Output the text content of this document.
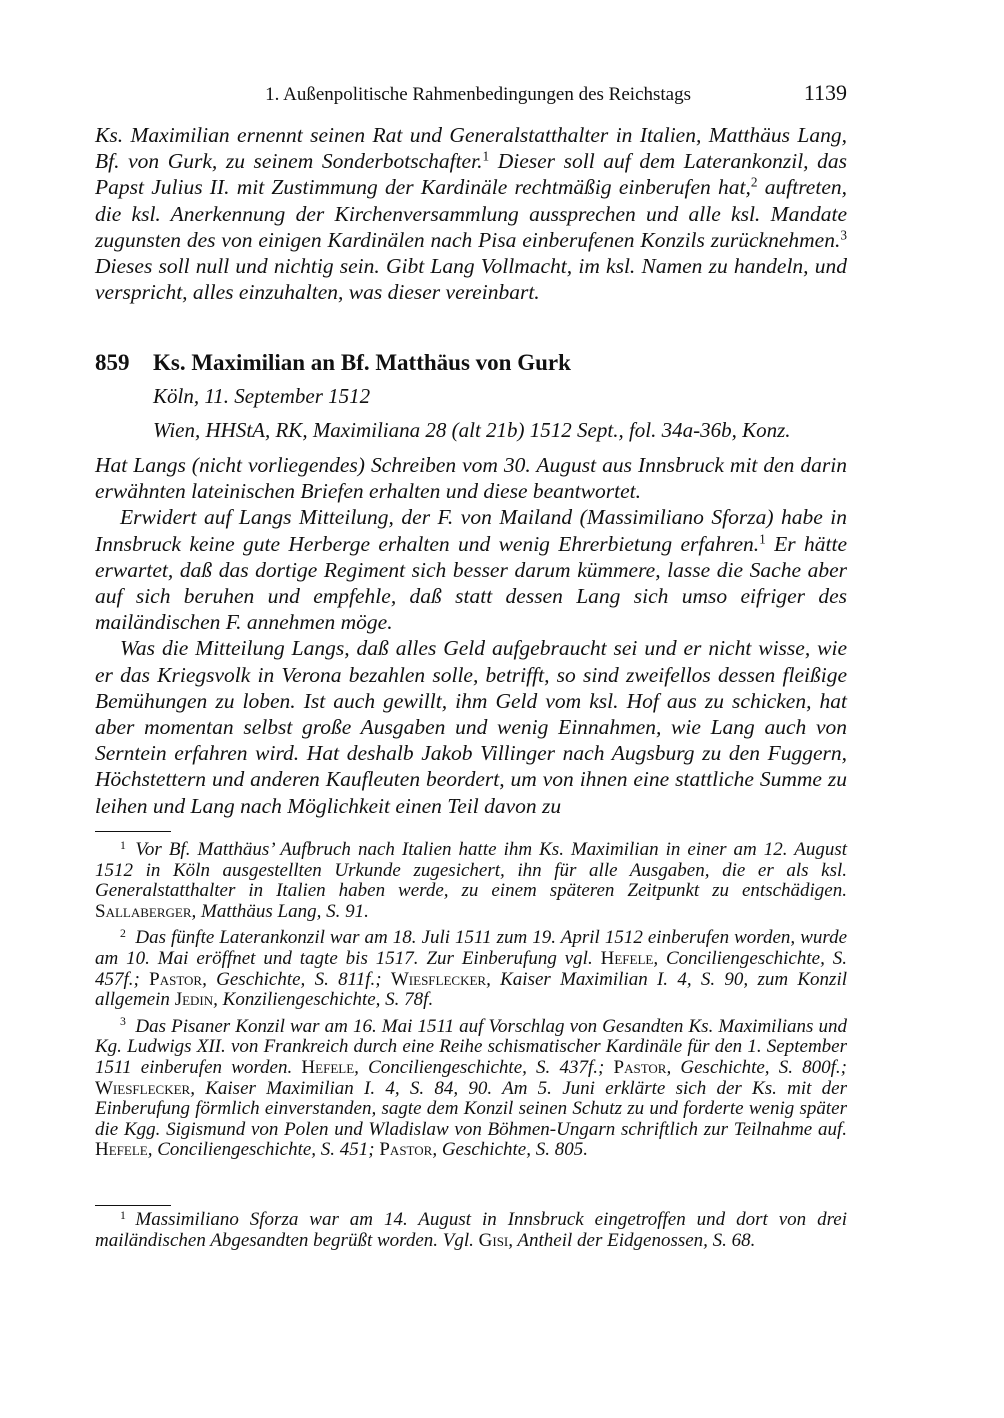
1. Außenpolitische Rahmenbedingungen des Reichstags	1139
Ks. Maximilian ernennt seinen Rat und Generalstatthalter in Italien, Matthäus Lang, Bf. von Gurk, zu seinem Sonderbotschafter.$^1$ Dieser soll auf dem Laterankonzil, das Papst Julius II. mit Zustimmung der Kardinäle rechtmäßig einberufen hat,$^2$ auftreten, die ksl. Anerkennung der Kirchenversammlung aussprechen und alle ksl. Mandate zugunsten des von einigen Kardinälen nach Pisa einberufenen Konzils zurücknehmen.$^3$ Dieses soll null und nichtig sein. Gibt Lang Vollmacht, im ksl. Namen zu handeln, und verspricht, alles einzuhalten, was dieser vereinbart.
859 Ks. Maximilian an Bf. Matthäus von Gurk
Köln, 11. September 1512
Wien, HHStA, RK, Maximiliana 28 (alt 21b) 1512 Sept., fol. 34a-36b, Konz.
Hat Langs (nicht vorliegendes) Schreiben vom 30. August aus Innsbruck mit den darin erwähnten lateinischen Briefen erhalten und diese beantwortet.
Erwidert auf Langs Mitteilung, der F. von Mailand (Massimiliano Sforza) habe in Innsbruck keine gute Herberge erhalten und wenig Ehrerbietung erfahren.$^1$ Er hätte erwartet, daß das dortige Regiment sich besser darum kümmere, lasse die Sache aber auf sich beruhen und empfehle, daß statt dessen Lang sich umso eifriger des mailändischen F. annehmen möge.
Was die Mitteilung Langs, daß alles Geld aufgebraucht sei und er nicht wisse, wie er das Kriegsvolk in Verona bezahlen solle, betrifft, so sind zweifellos dessen fleißige Bemühungen zu loben. Ist auch gewillt, ihm Geld vom ksl. Hof aus zu schicken, hat aber momentan selbst große Ausgaben und wenig Einnahmen, wie Lang auch von Serntein erfahren wird. Hat deshalb Jakob Villinger nach Augsburg zu den Fuggern, Höchstettern und anderen Kaufleuten beordert, um von ihnen eine stattliche Summe zu leihen und Lang nach Möglichkeit einen Teil davon zu

$^1$  Vor Bf. Matthäus’ Aufbruch nach Italien hatte ihm Ks. Maximilian in einer am 12. August 1512 in Köln ausgestellten Urkunde zugesichert, ihn für alle Ausgaben, die er als ksl. Generalstatthalter in Italien haben werde, zu einem späteren Zeitpunkt zu entschädigen. Sallaberger, Matthäus Lang, S. 91.

$^2$  Das fünfte Laterankonzil war am 18. Juli 1511 zum 19. April 1512 einberufen worden, wurde am 10. Mai eröffnet und tagte bis 1517. Zur Einberufung vgl. Hefele, Conciliengeschichte, S. 457f.; Pastor, Geschichte, S. 811f.; Wiesflecker, Kaiser Maximilian I. 4, S. 90, zum Konzil allgemein Jedin, Konziliengeschichte, S. 78f.

$^3$  Das Pisaner Konzil war am 16. Mai 1511 auf Vorschlag von Gesandten Ks. Maximilians und Kg. Ludwigs XII. von Frankreich durch eine Reihe schismatischer Kardinäle für den 1. September 1511 einberufen worden. Hefele, Conciliengeschichte, S. 437f.; Pastor, Geschichte, S. 800f.; Wiesflecker, Kaiser Maximilian I. 4, S. 84, 90. Am 5. Juni erklärte sich der Ks. mit der Einberufung förmlich einverstanden, sagte dem Konzil seinen Schutz zu und forderte wenig später die Kgg. Sigismund von Polen und Wladislaw von Böhmen-Ungarn schriftlich zur Teilnahme auf. Hefele, Conciliengeschichte, S. 451; Pastor, Geschichte, S. 805.

$^1$  Massimiliano Sforza war am 14. August in Innsbruck eingetroffen und dort von drei mailändischen Abgesandten begrüßt worden. Vgl. Gisi, Antheil der Eidgenossen, S. 68.
